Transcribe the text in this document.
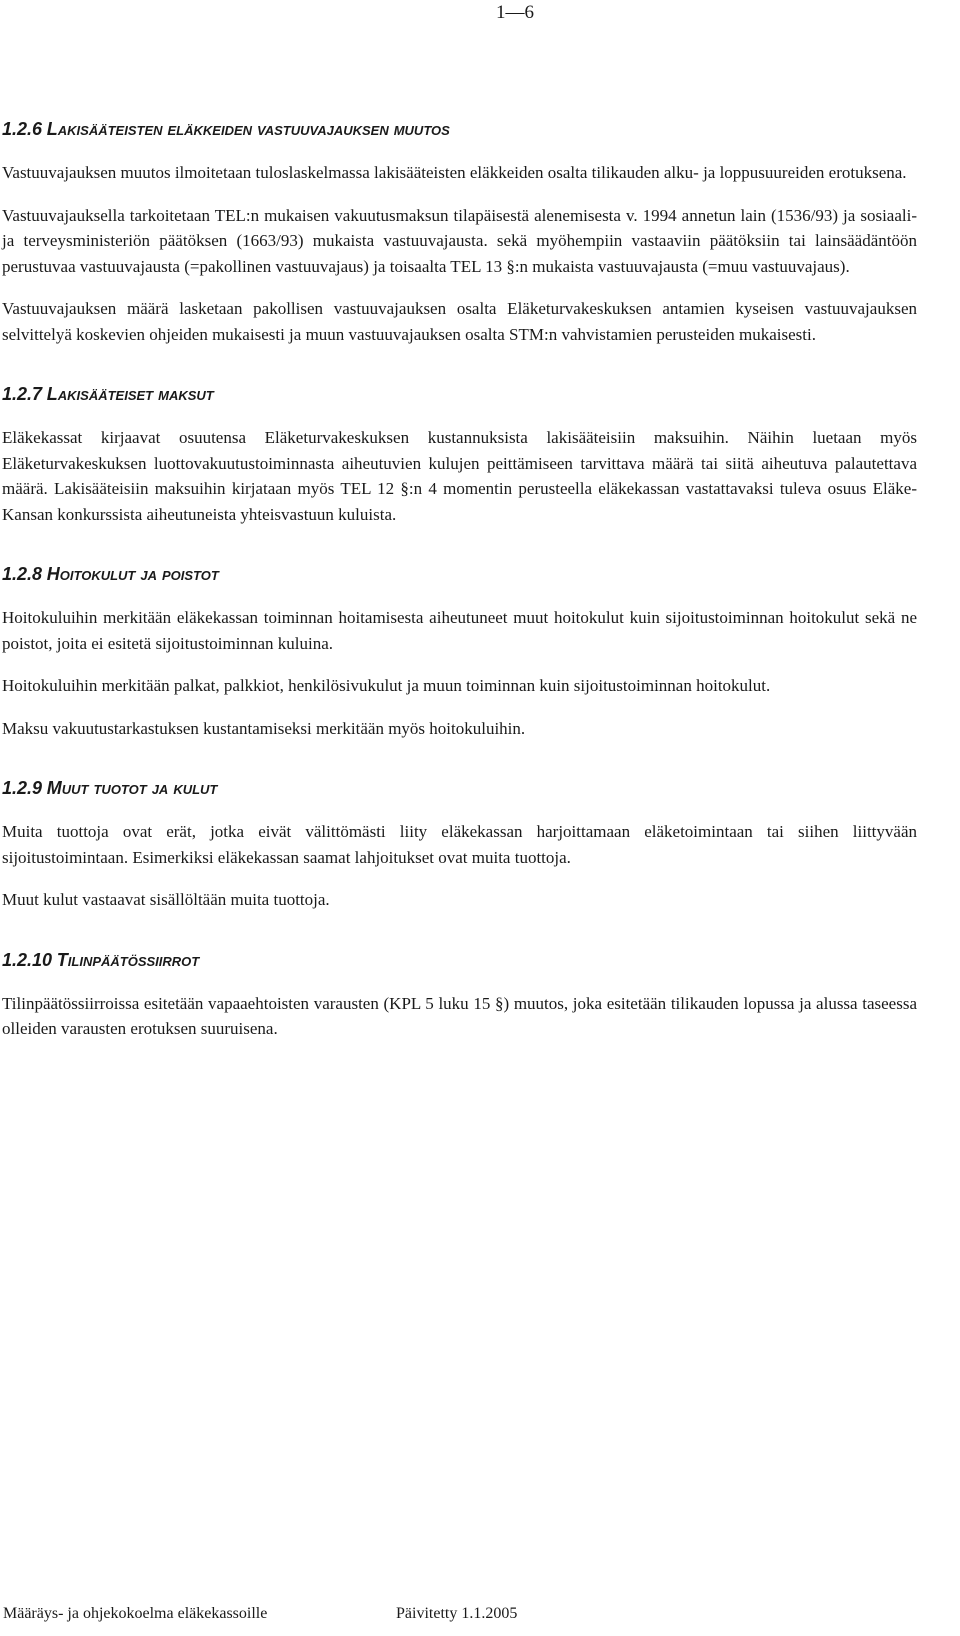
1—6
1.2.6 Lakisääteisten eläkkeiden vastuuvajauksen muutos

Vastuuvajauksen muutos ilmoitetaan tuloslaskelmassa lakisääteisten eläkkeiden osalta tilikauden alku- ja loppusuureiden erotuksena.

Vastuuvajauksella tarkoitetaan TEL:n mukaisen vakuutusmaksun tilapäisestä alenemisesta v. 1994 annetun lain (1536/93) ja sosiaali- ja terveysministeriön päätöksen (1663/93) mukaista vastuuvajausta. sekä myöhempiin vastaaviin päätöksiin tai lainsäädäntöön perustuvaa vastuuvajausta (=pakollinen vastuuvajaus) ja toisaalta TEL 13 §:n mukaista vastuuvajausta (=muu vastuuvajaus).

Vastuuvajauksen määrä lasketaan pakollisen vastuuvajauksen osalta Eläketurvakeskuksen antamien kyseisen vastuuvajauksen selvittelyä koskevien ohjeiden mukaisesti ja muun vastuuvajauksen osalta STM:n vahvistamien perusteiden mukaisesti.

1.2.7 Lakisääteiset maksut

Eläkekassat kirjaavat osuutensa Eläketurvakeskuksen kustannuksista lakisääteisiin maksuihin. Näihin luetaan myös Eläketurvakeskuksen luottovakuutustoiminnasta aiheutuvien kulujen peittämiseen tarvittava määrä tai siitä aiheutuva palautettava määrä. Lakisääteisiin maksuihin kirjataan myös TEL 12 §:n 4 momentin perusteella eläkekassan vastattavaksi tuleva osuus Eläke-Kansan konkurssista aiheutuneista yhteisvastuun kuluista.

1.2.8 Hoitokulut ja poistot

Hoitokuluihin merkitään eläkekassan toiminnan hoitamisesta aiheutuneet muut hoitokulut kuin sijoitustoiminnan hoitokulut sekä ne poistot, joita ei esitetä sijoitustoiminnan kuluina.

Hoitokuluihin merkitään palkat, palkkiot, henkilösivukulut ja muun toiminnan kuin sijoitustoiminnan hoitokulut.

Maksu vakuutustarkastuksen kustantamiseksi merkitään myös hoitokuluihin.

1.2.9 Muut tuotot ja kulut

Muita tuottoja ovat erät, jotka eivät välittömästi liity eläkekassan harjoittamaan eläketoimintaan tai siihen liittyvään sijoitustoimintaan. Esimerkiksi eläkekassan saamat lahjoitukset ovat muita tuottoja.

Muut kulut vastaavat sisällöltään muita tuottoja.

1.2.10 Tilinpäätössiirrot

Tilinpäätössiirroissa esitetään vapaaehtoisten varausten (KPL 5 luku 15 §) muutos, joka esitetään tilikauden lopussa ja alussa taseessa olleiden varausten erotuksen suuruisena.

Määräys- ja ohjekokoelma eläkekassoille	Päivitetty 1.1.2005
